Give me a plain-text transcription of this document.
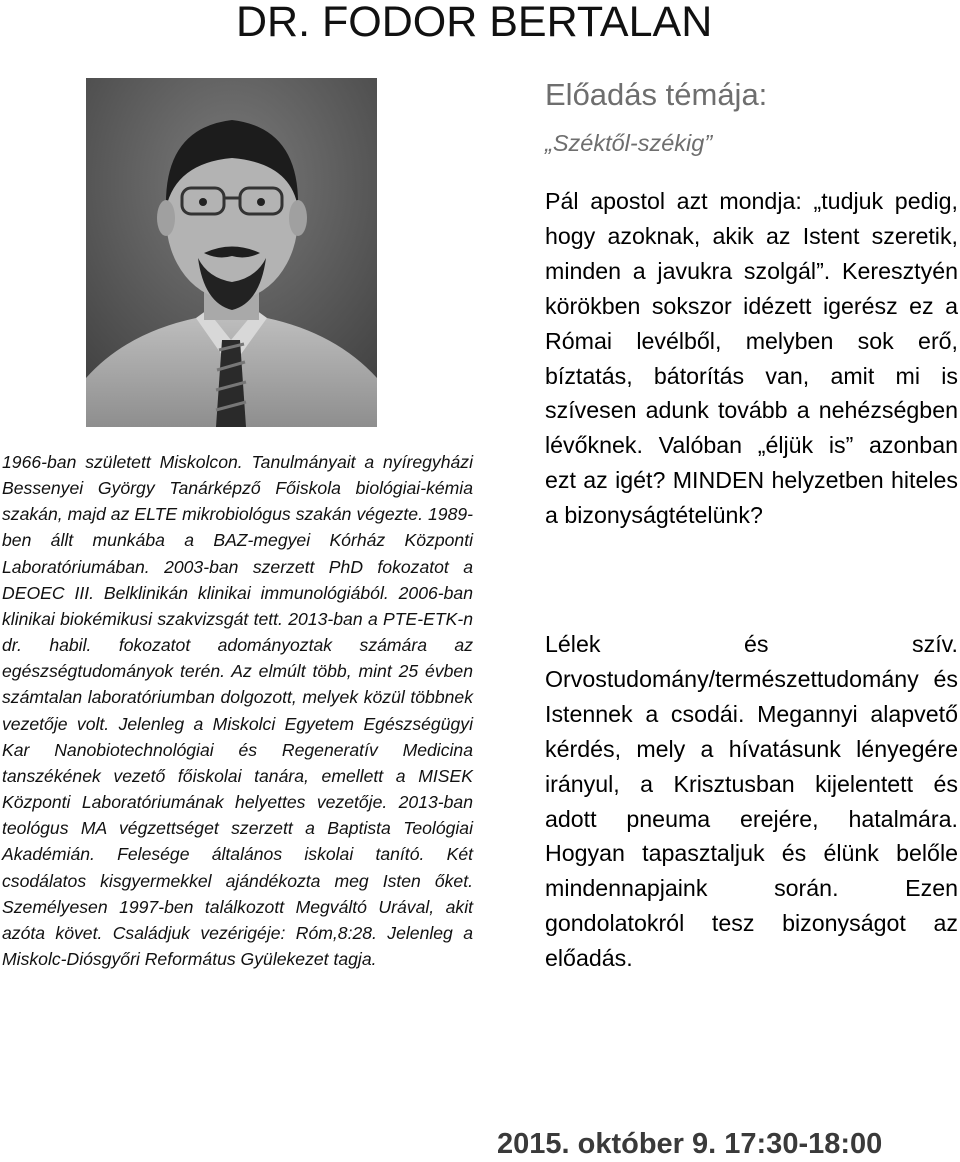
DR. FODOR BERTALAN

1966-ban született Miskolcon. Tanulmányait a nyíregyházi Bessenyei György Tanárképző Főiskola biológiai-kémia szakán, majd az ELTE mikrobiológus szakán végezte. 1989-ben állt munkába a BAZ-megyei Kórház Központi Laboratóriumában. 2003-ban szerzett PhD fokozatot a DEOEC III. Belklinikán klinikai immunológiából. 2006-ban klinikai biokémikusi szakvizsgát tett. 2013-ban a PTE-ETK-n dr. habil. fokozatot adományoztak számára az egészségtudományok terén. Az elmúlt több, mint 25 évben számtalan laboratóriumban dolgozott, melyek közül többnek vezetője volt. Jelenleg a Miskolci Egyetem Egészségügyi Kar Nanobiotechnológiai és Regeneratív Medicina tanszékének vezető főiskolai tanára, emellett a MISEK Központi Laboratóriumának helyettes vezetője. 2013-ban teológus MA végzettséget szerzett a Baptista Teológiai Akadémián. Felesége általános iskolai tanító. Két csodálatos kisgyermekkel ajándékozta meg Isten őket. Személyesen 1997-ben találkozott Megváltó Urával, akit azóta követ. Családjuk vezérigéje: Róm,8:28. Jelenleg a Miskolc-Diósgyőri Református Gyülekezet tagja.

Előadás témája:
„Széktől-székig”

Pál apostol azt mondja: „tudjuk pedig, hogy azoknak, akik az Istent szeretik, minden a javukra szolgál”. Keresztyén körökben sokszor idézett igerész ez a Római levélből, melyben sok erő, bíztatás, bátorítás van, amit mi is szívesen adunk tovább a nehézségben lévőknek. Valóban „éljük is” azonban ezt az igét? MINDEN helyzetben hiteles a bizonyságtételünk?

Lélek és szív. Orvostudomány/természettudomány és Istennek a csodái. Megannyi alapvető kérdés, mely a hívatásunk lényegére irányul, a Krisztusban kijelentett és adott pneuma erejére, hatalmára. Hogyan tapasztaljuk és élünk belőle mindennapjaink során. Ezen gondolatokról tesz bizonyságot az előadás.

2015. október 9. 17:30-18:00
